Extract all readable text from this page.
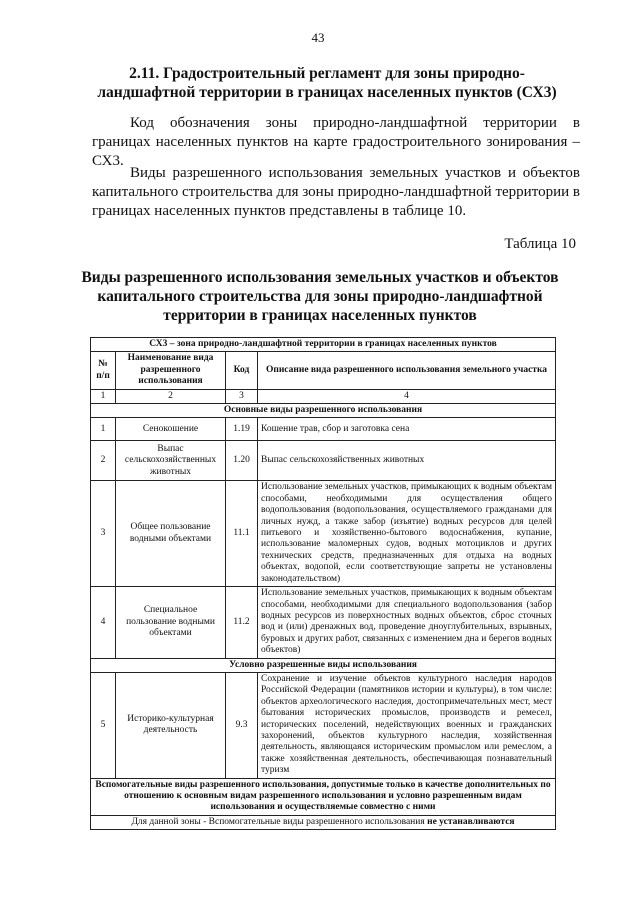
43
2.11. Градостроительный регламент для зоны природно-ландшафтной территории в границах населенных пунктов (СХ3)
Код обозначения зоны природно-ландшафтной территории в границах населенных пунктов на карте градостроительного зонирования – СХ3.
Виды разрешенного использования земельных участков и объектов капитального строительства для зоны природно-ландшафтной территории в границах населенных пунктов представлены в таблице 10.
Таблица 10
Виды разрешенного использования земельных участков и объектов капитального строительства для зоны природно-ландшафтной территории в границах населенных пунктов
СХ3 – зона природно-ландшафтной территории в границах населенных пунктов			
№ п/п	Наименование вида разрешенного использования	Код	Описание вида разрешенного использования земельного участка
1	2	3	4
Основные виды разрешенного использования			
1	Сенокошение	1.19	Кошение трав, сбор и заготовка сена
2	Выпас сельскохозяйственных животных	1.20	Выпас сельскохозяйственных животных
3	Общее пользование водными объектами	11.1	Использование земельных участков, примыкающих к водным объектам способами, необходимыми для осуществления общего водопользования (водопользования, осуществляемого гражданами для личных нужд, а также забор (изъятие) водных ресурсов для целей питьевого и хозяйственно-бытового водоснабжения, купание, использование маломерных судов, водных мотоциклов и других технических средств, предназначенных для отдыха на водных объектах, водопой, если соответствующие запреты не установлены законодательством)
4	Специальное пользование водными объектами	11.2	Использование земельных участков, примыкающих к водным объектам способами, необходимыми для специального водопользования (забор водных ресурсов из поверхностных водных объектов, сброс сточных вод и (или) дренажных вод, проведение дноуглубительных, взрывных, буровых и других работ, связанных с изменением дна и берегов водных объектов)
Условно разрешенные виды использования			
5	Историко-культурная деятельность	9.3	Сохранение и изучение объектов культурного наследия народов Российской Федерации (памятников истории и культуры), в том числе: объектов археологического наследия, достопримечательных мест, мест бытования исторических промыслов, производств и ремесел, исторических поселений, недействующих военных и гражданских захоронений, объектов культурного наследия, хозяйственная деятельность, являющаяся историческим промыслом или ремеслом, а также хозяйственная деятельность, обеспечивающая познавательный туризм
Вспомогательные виды разрешенного использования, допустимые только в качестве дополнительных по отношению к основным видам разрешенного использования и условно разрешенным видам использования и осуществляемые совместно с ними			
Для данной зоны - Вспомогательные виды разрешенного использования не устанавливаются			
